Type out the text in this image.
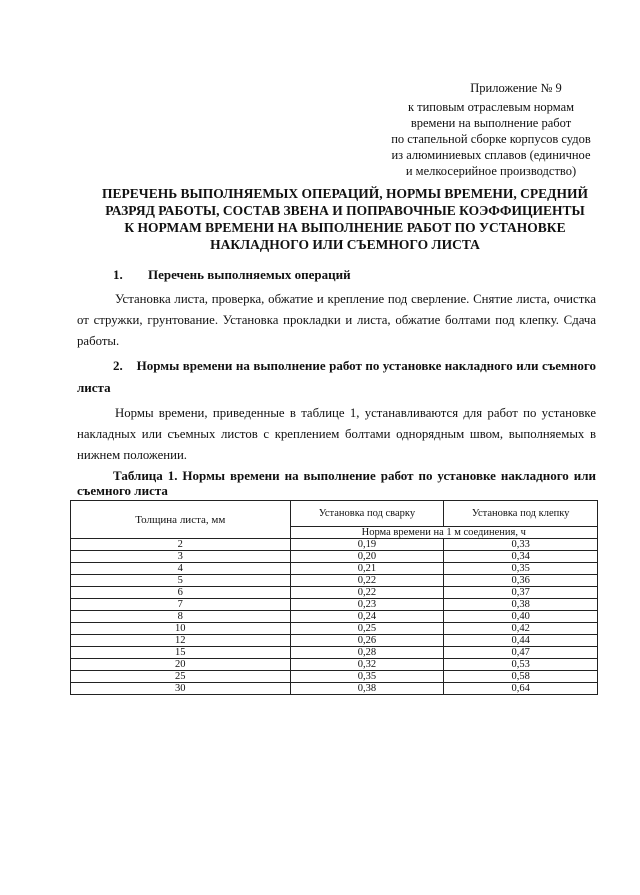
Приложение № 9
к типовым отраслевым нормам
времени на выполнение работ
по стапельной сборке корпусов судов
из алюминиевых сплавов (единичное
и мелкосерийное производство)
ПЕРЕЧЕНЬ ВЫПОЛНЯЕМЫХ ОПЕРАЦИЙ, НОРМЫ ВРЕМЕНИ, СРЕДНИЙ
РАЗРЯД РАБОТЫ, СОСТАВ ЗВЕНА И ПОПРАВОЧНЫЕ КОЭФФИЦИЕНТЫ
К НОРМАМ ВРЕМЕНИ НА ВЫПОЛНЕНИЕ РАБОТ ПО УСТАНОВКЕ
НАКЛАДНОГО ИЛИ СЪЕМНОГО ЛИСТА
1. Перечень выполняемых операций
Установка листа, проверка, обжатие и крепление под сверление. Снятие листа, очистка от стружки, грунтование. Установка прокладки и листа, обжатие болтами под клепку. Сдача работы.
2.    Нормы времени на выполнение работ по установке накладного или съемного листа
Нормы времени, приведенные в таблице 1, устанавливаются для работ по установке накладных или съемных листов с креплением болтами однорядным швом, выполняемых в нижнем положении.
Таблица 1. Нормы времени на выполнение работ по установке накладного или съемного листа
Толщина листа, мм	Установка под сварку	Установка под клепку
	Норма времени на 1 м соединения, ч	
2	0,19	0,33
3	0,20	0,34
4	0,21	0,35
5	0,22	0,36
6	0,22	0,37
7	0,23	0,38
8	0,24	0,40
10	0,25	0,42
12	0,26	0,44
15	0,28	0,47
20	0,32	0,53
25	0,35	0,58
30	0,38	0,64
